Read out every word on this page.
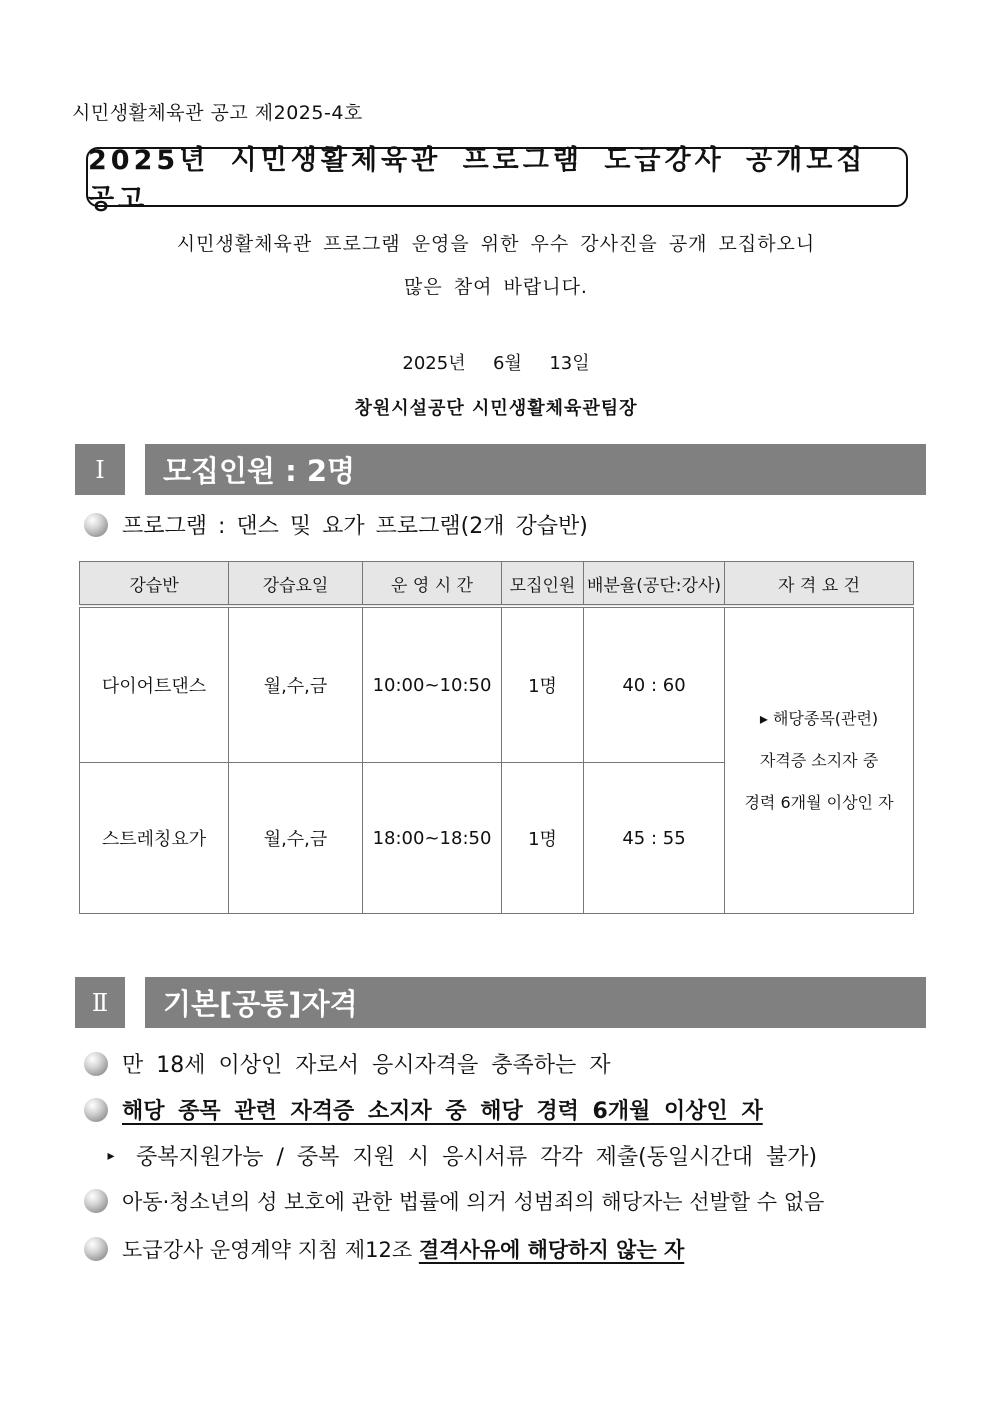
시민생활체육관 공고 제2025-4호
2025년 시민생활체육관 프로그램 도급강사 공개모집 공고
시민생활체육관 프로그램 운영을 위한 우수 강사진을 공개 모집하오니
많은 참여 바랍니다.
2025년  6월  13일
창원시설공단 시민생활체육관팀장
Ⅰ	모집인원 : 2명
프로그램 : 댄스 및 요가 프로그램(2개 강습반)
강습반	강습요일	운 영 시 간	모집인원	배분율(공단:강사)	자 격 요 건
다이어트댄스	월,수,금	10:00~10:50	1명	40 : 60	▸ 해당종목(관련)
자격증 소지자 중
경력 6개월 이상인 자

스트레칭요가	월,수,금	18:00~18:50	1명	45 : 55	
Ⅱ	기본[공통]자격
만 18세 이상인 자로서 응시자격을 충족하는 자
해당 종목 관련 자격증 소지자 중 해당 경력 6개월 이상인 자
▸ 중복지원가능 / 중복 지원 시 응시서류 각각 제출(동일시간대 불가)
아동·청소년의 성 보호에 관한 법률에 의거 성범죄의 해당자는 선발할 수 없음
도급강사 운영계약 지침 제12조 결격사유에 해당하지 않는 자
